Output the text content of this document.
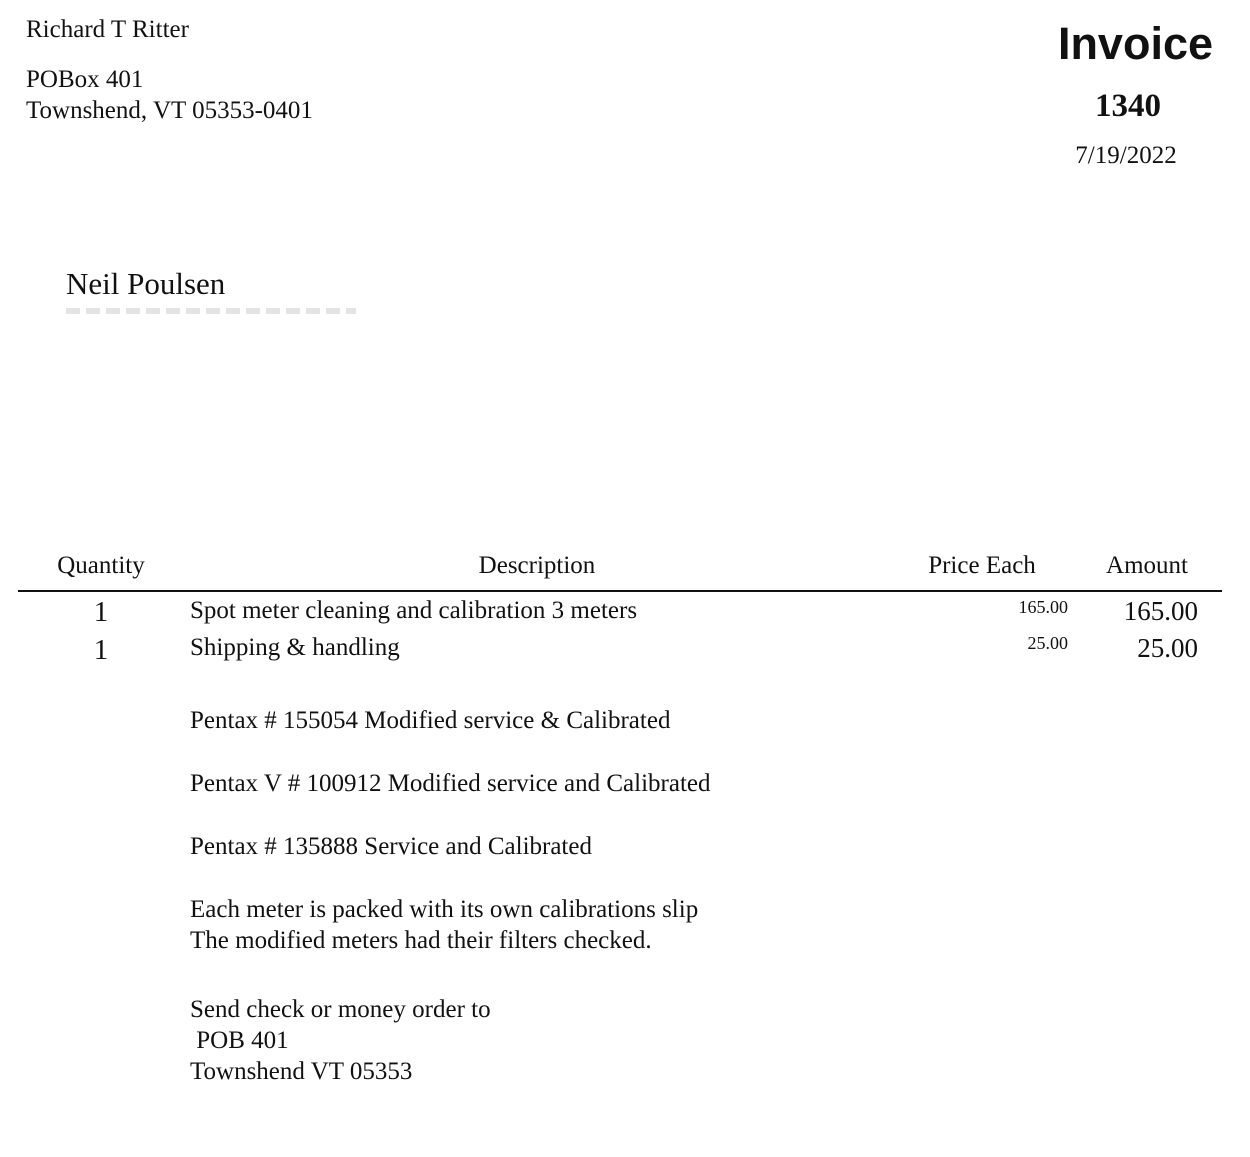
Richard T Ritter
POBox 401
Townshend, VT 05353-0401
Invoice
1340
7/19/2022
Neil Poulsen
Quantity	Description	Price Each	Amount
1	Spot meter cleaning and calibration 3 meters	165.00	165.00
1	Shipping & handling	25.00	25.00
Pentax # 155054 Modified service & Calibrated
Pentax V # 100912 Modified service and Calibrated
Pentax # 135888 Service and Calibrated
Each meter is packed with its own calibrations slip
The modified meters had their filters checked.
Send check or money order to
POB 401
Townshend VT 05353
